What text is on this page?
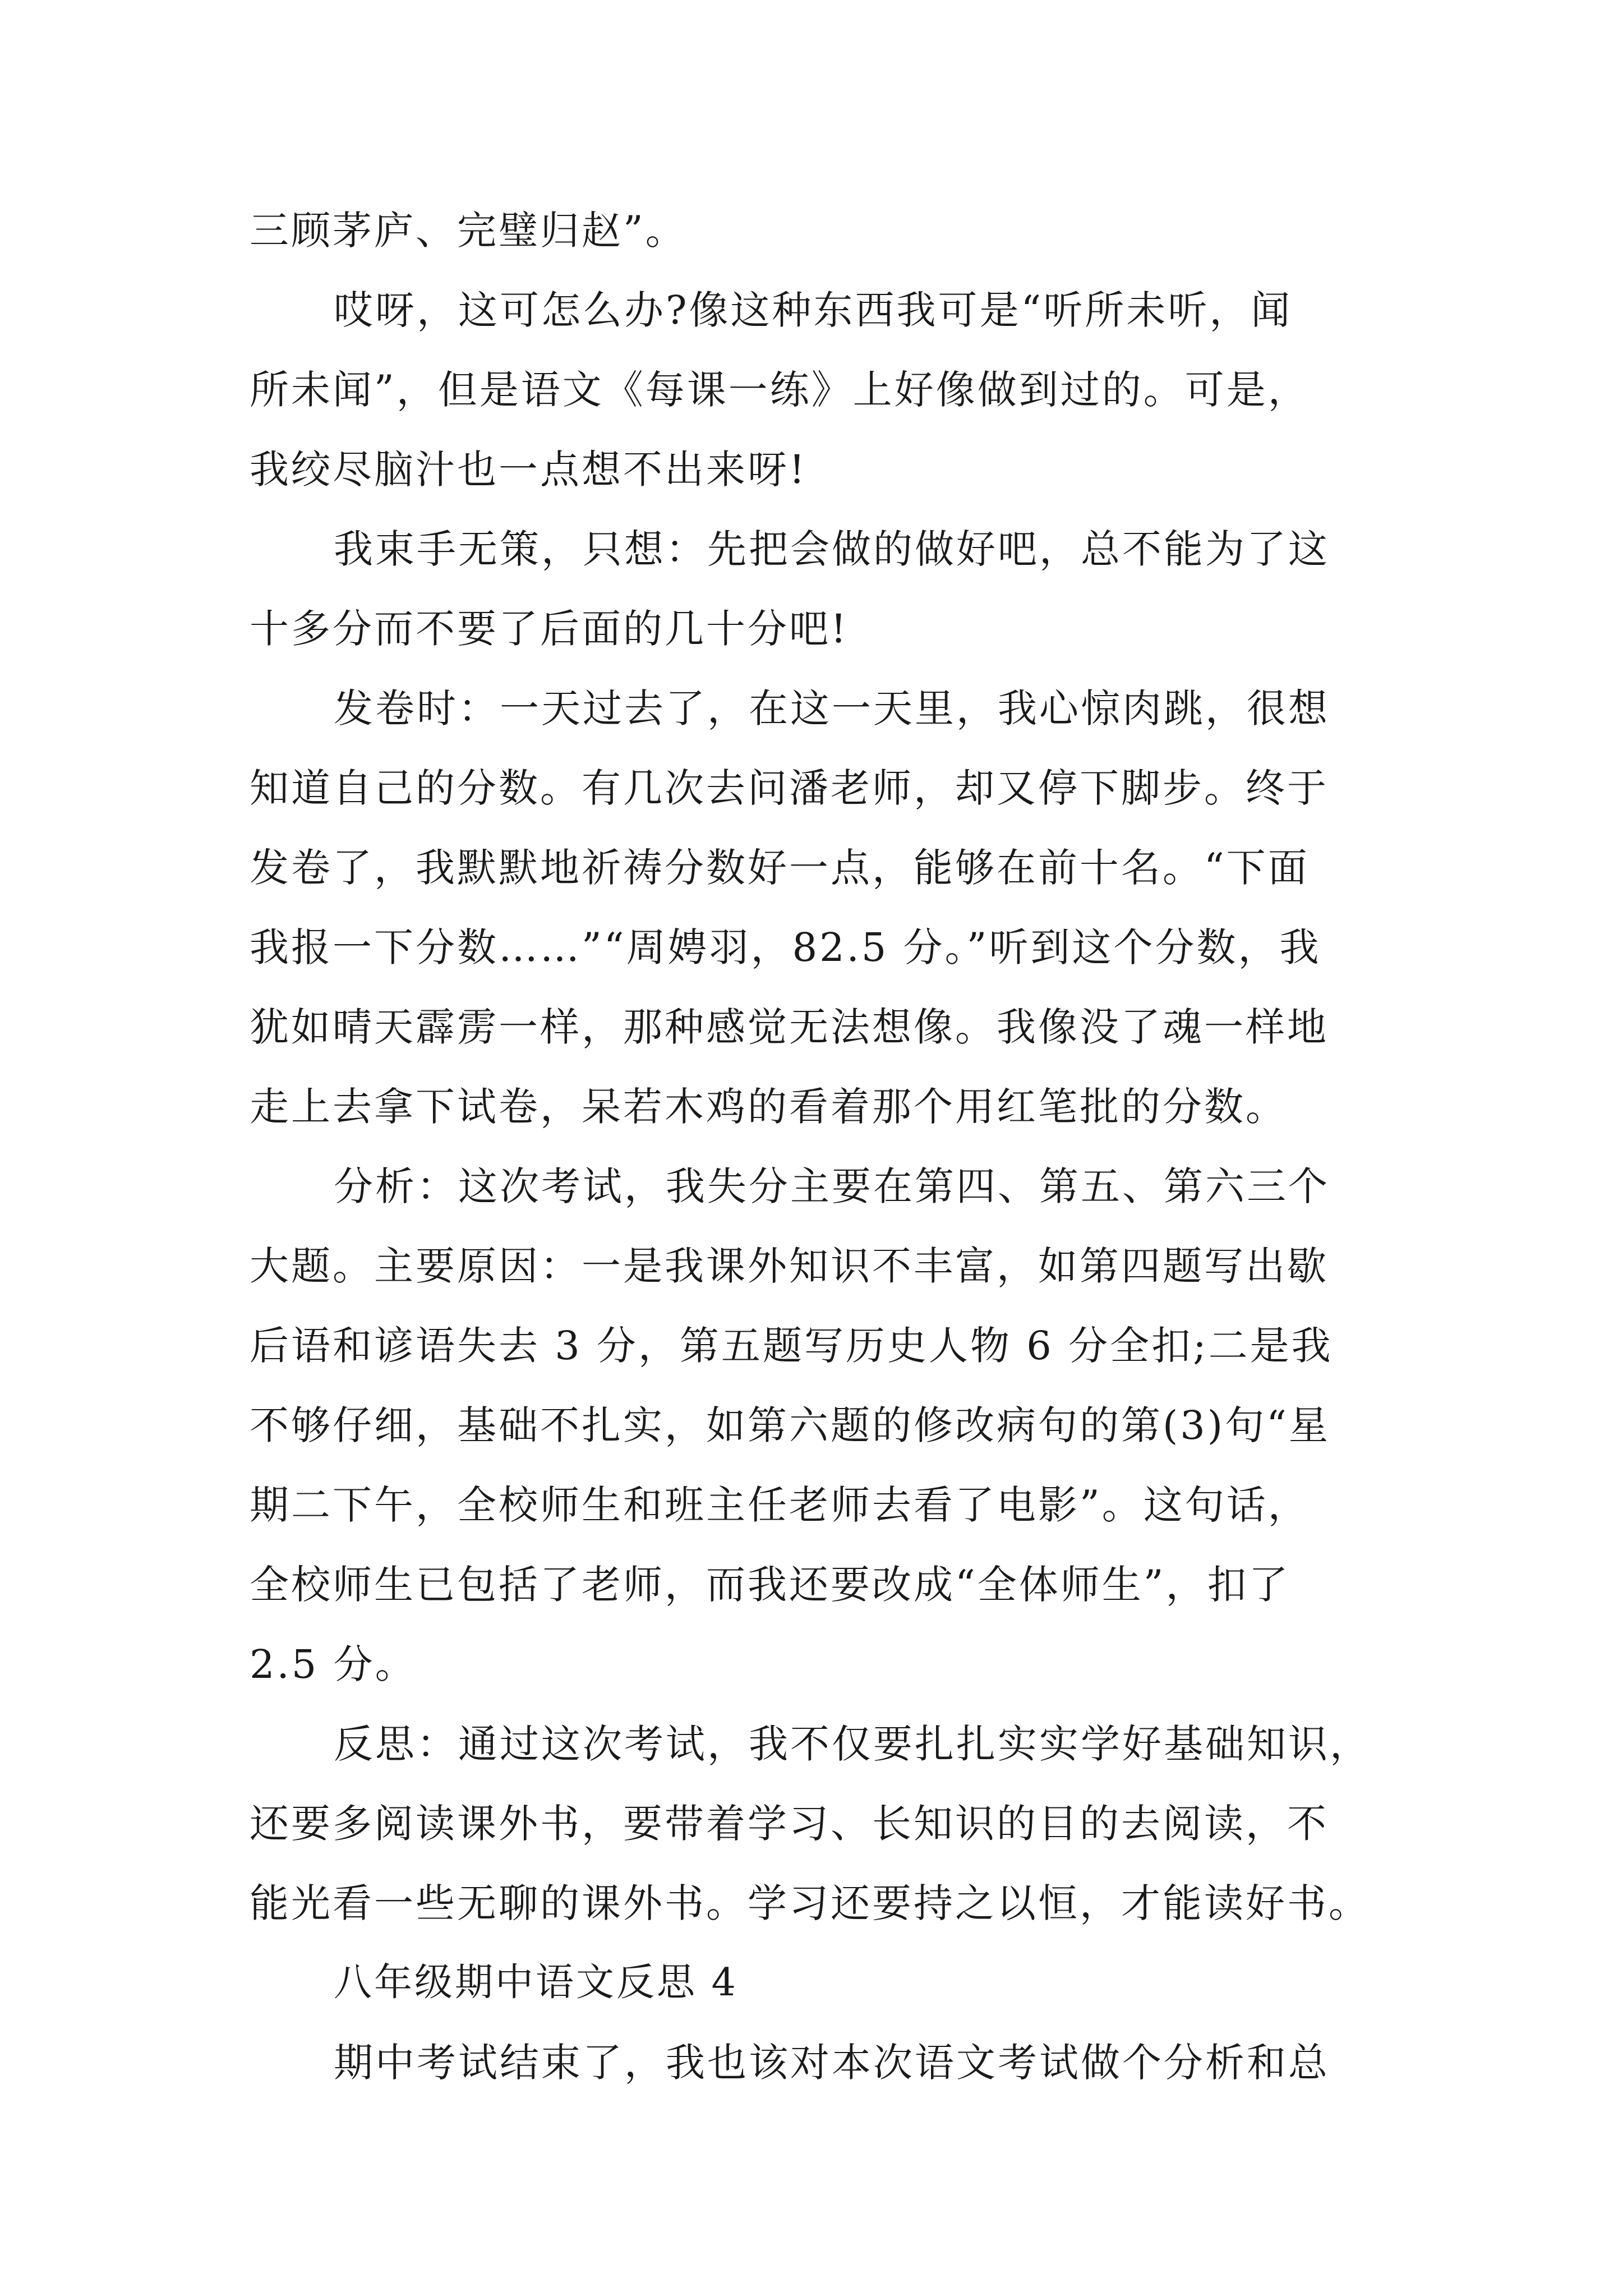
三顾茅庐、完璧归赵”。
哎呀，这可怎么办?像这种东西我可是“听所未听，闻
所未闻”，但是语文《每课一练》上好像做到过的。可是，
我绞尽脑汁也一点想不出来呀!
我束手无策，只想：先把会做的做好吧，总不能为了这
十多分而不要了后面的几十分吧!
发卷时：一天过去了，在这一天里，我心惊肉跳，很想
知道自己的分数。有几次去问潘老师，却又停下脚步。终于
发卷了，我默默地祈祷分数好一点，能够在前十名。“下面
我报一下分数……”“周娉羽，82.5 分。”听到这个分数，我
犹如晴天霹雳一样，那种感觉无法想像。我像没了魂一样地
走上去拿下试卷，呆若木鸡的看着那个用红笔批的分数。
分析：这次考试，我失分主要在第四、第五、第六三个
大题。主要原因：一是我课外知识不丰富，如第四题写出歇
后语和谚语失去 3 分，第五题写历史人物 6 分全扣;二是我
不够仔细，基础不扎实，如第六题的修改病句的第(3)句“星
期二下午，全校师生和班主任老师去看了电影”。这句话，
全校师生已包括了老师，而我还要改成“全体师生”，扣了
2.5 分。
反思：通过这次考试，我不仅要扎扎实实学好基础知识，
还要多阅读课外书，要带着学习、长知识的目的去阅读，不
能光看一些无聊的课外书。学习还要持之以恒，才能读好书。
八年级期中语文反思 4
期中考试结束了，我也该对本次语文考试做个分析和总
